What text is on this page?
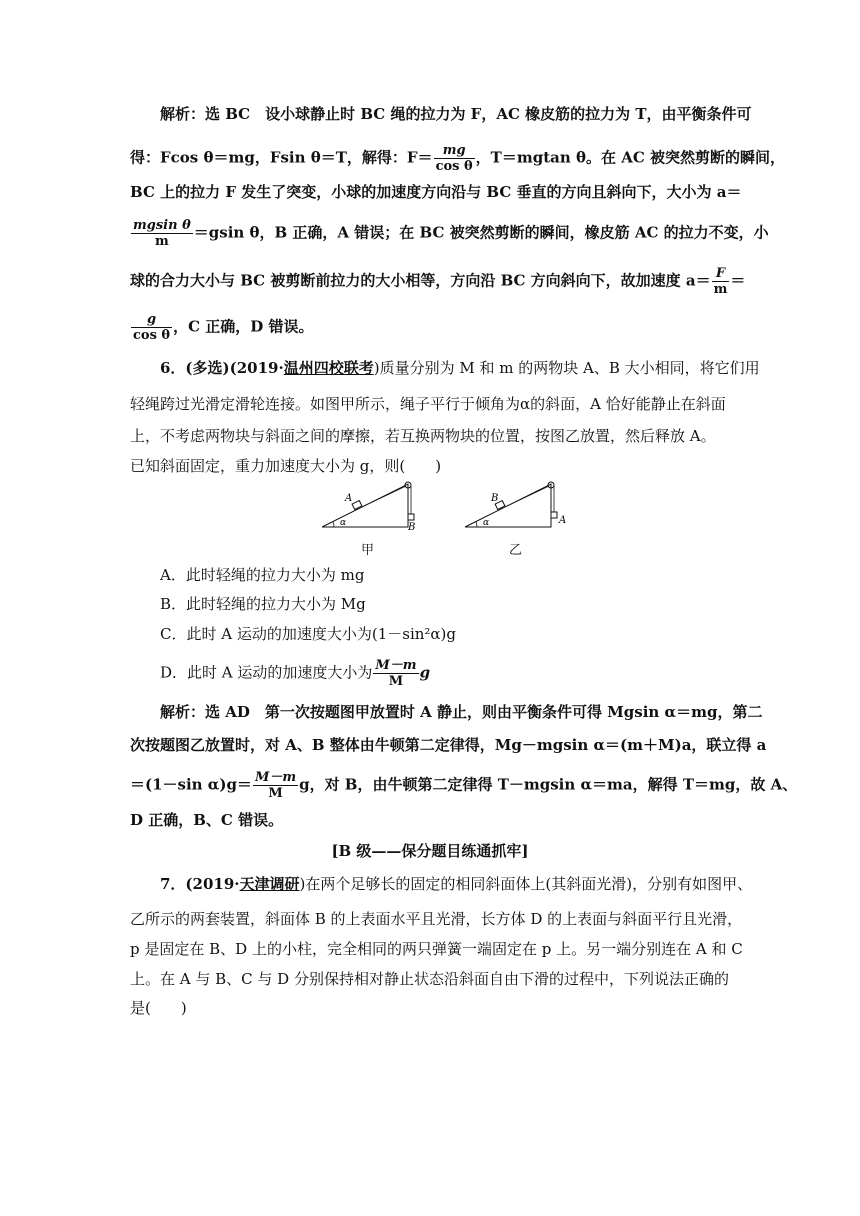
解析：选 BC　设小球静止时 BC 绳的拉力为 F，AC 橡皮筋的拉力为 T，由平衡条件可
得：Fcos θ＝mg，Fsin θ＝T，解得：$F= \frac{mg}{\text{cos θ}}$ ，T＝mgtan θ。在 AC 被突然剪断的瞬间，
BC 上的拉力 F 发生了突变，小球的加速度方向沿与 BC 垂直的方向且斜向下，大小为 a＝
$\frac{\text{mgsin θ}}{m} =gsin$ θ，B 正确，A 错误；在 BC 被突然剪断的瞬间，橡皮筋 AC 的拉力不变，小
球的合力大小与 BC 被剪断前拉力的大小相等，方向沿 BC 方向斜向下，故加速度 $a= \frac{F}{m}$ ＝
$\frac{g}{\text{cos θ}}$ ，C 正确，D 错误。
6．(多选)(2019·温州四校联考)质量分别为 M 和 m 的两物块 A、B 大小相同，将它们用
轻绳跨过光滑定滑轮连接。如图甲所示，绳子平行于倾角为α的斜面，A 恰好能静止在斜面
上，不考虑两物块与斜面之间的摩擦，若互换两物块的位置，按图乙放置，然后释放 A。
已知斜面固定，重力加速度大小为 g，则(　　)
A
B
α
甲
B
A
α
乙
A．此时轻绳的拉力大小为 mg
B．此时轻绳的拉力大小为 Mg
C．此时 A 运动的加速度大小为(1－sin²α)g
D．此时 A 运动的加速度大小为 $\frac{M-m}{M}$ g
解析：选 AD　第一次按题图甲放置时 A 静止，则由平衡条件可得 Mgsin α＝mg，第二
次按题图乙放置时，对 A、B 整体由牛顿第二定律得，Mg－mgsin α＝(m＋M)a，联立得 a
＝(1－sin $\alpha)g= \frac{M-m}{M}$ g，对 B，由牛顿第二定律得 T－mgsin α＝ma，解得 T＝mg，故 A、
D 正确，B、C 错误。
[B 级——保分题目练通抓牢]
7．(2019·天津调研)在两个足够长的固定的相同斜面体上(其斜面光滑)，分别有如图甲、
乙所示的两套装置，斜面体 B 的上表面水平且光滑，长方体 D 的上表面与斜面平行且光滑，
p 是固定在 B、D 上的小柱，完全相同的两只弹簧一端固定在 p 上。另一端分别连在 A 和 C
上。在 A 与 B、C 与 D 分别保持相对静止状态沿斜面自由下滑的过程中，下列说法正确的
是(　　)
